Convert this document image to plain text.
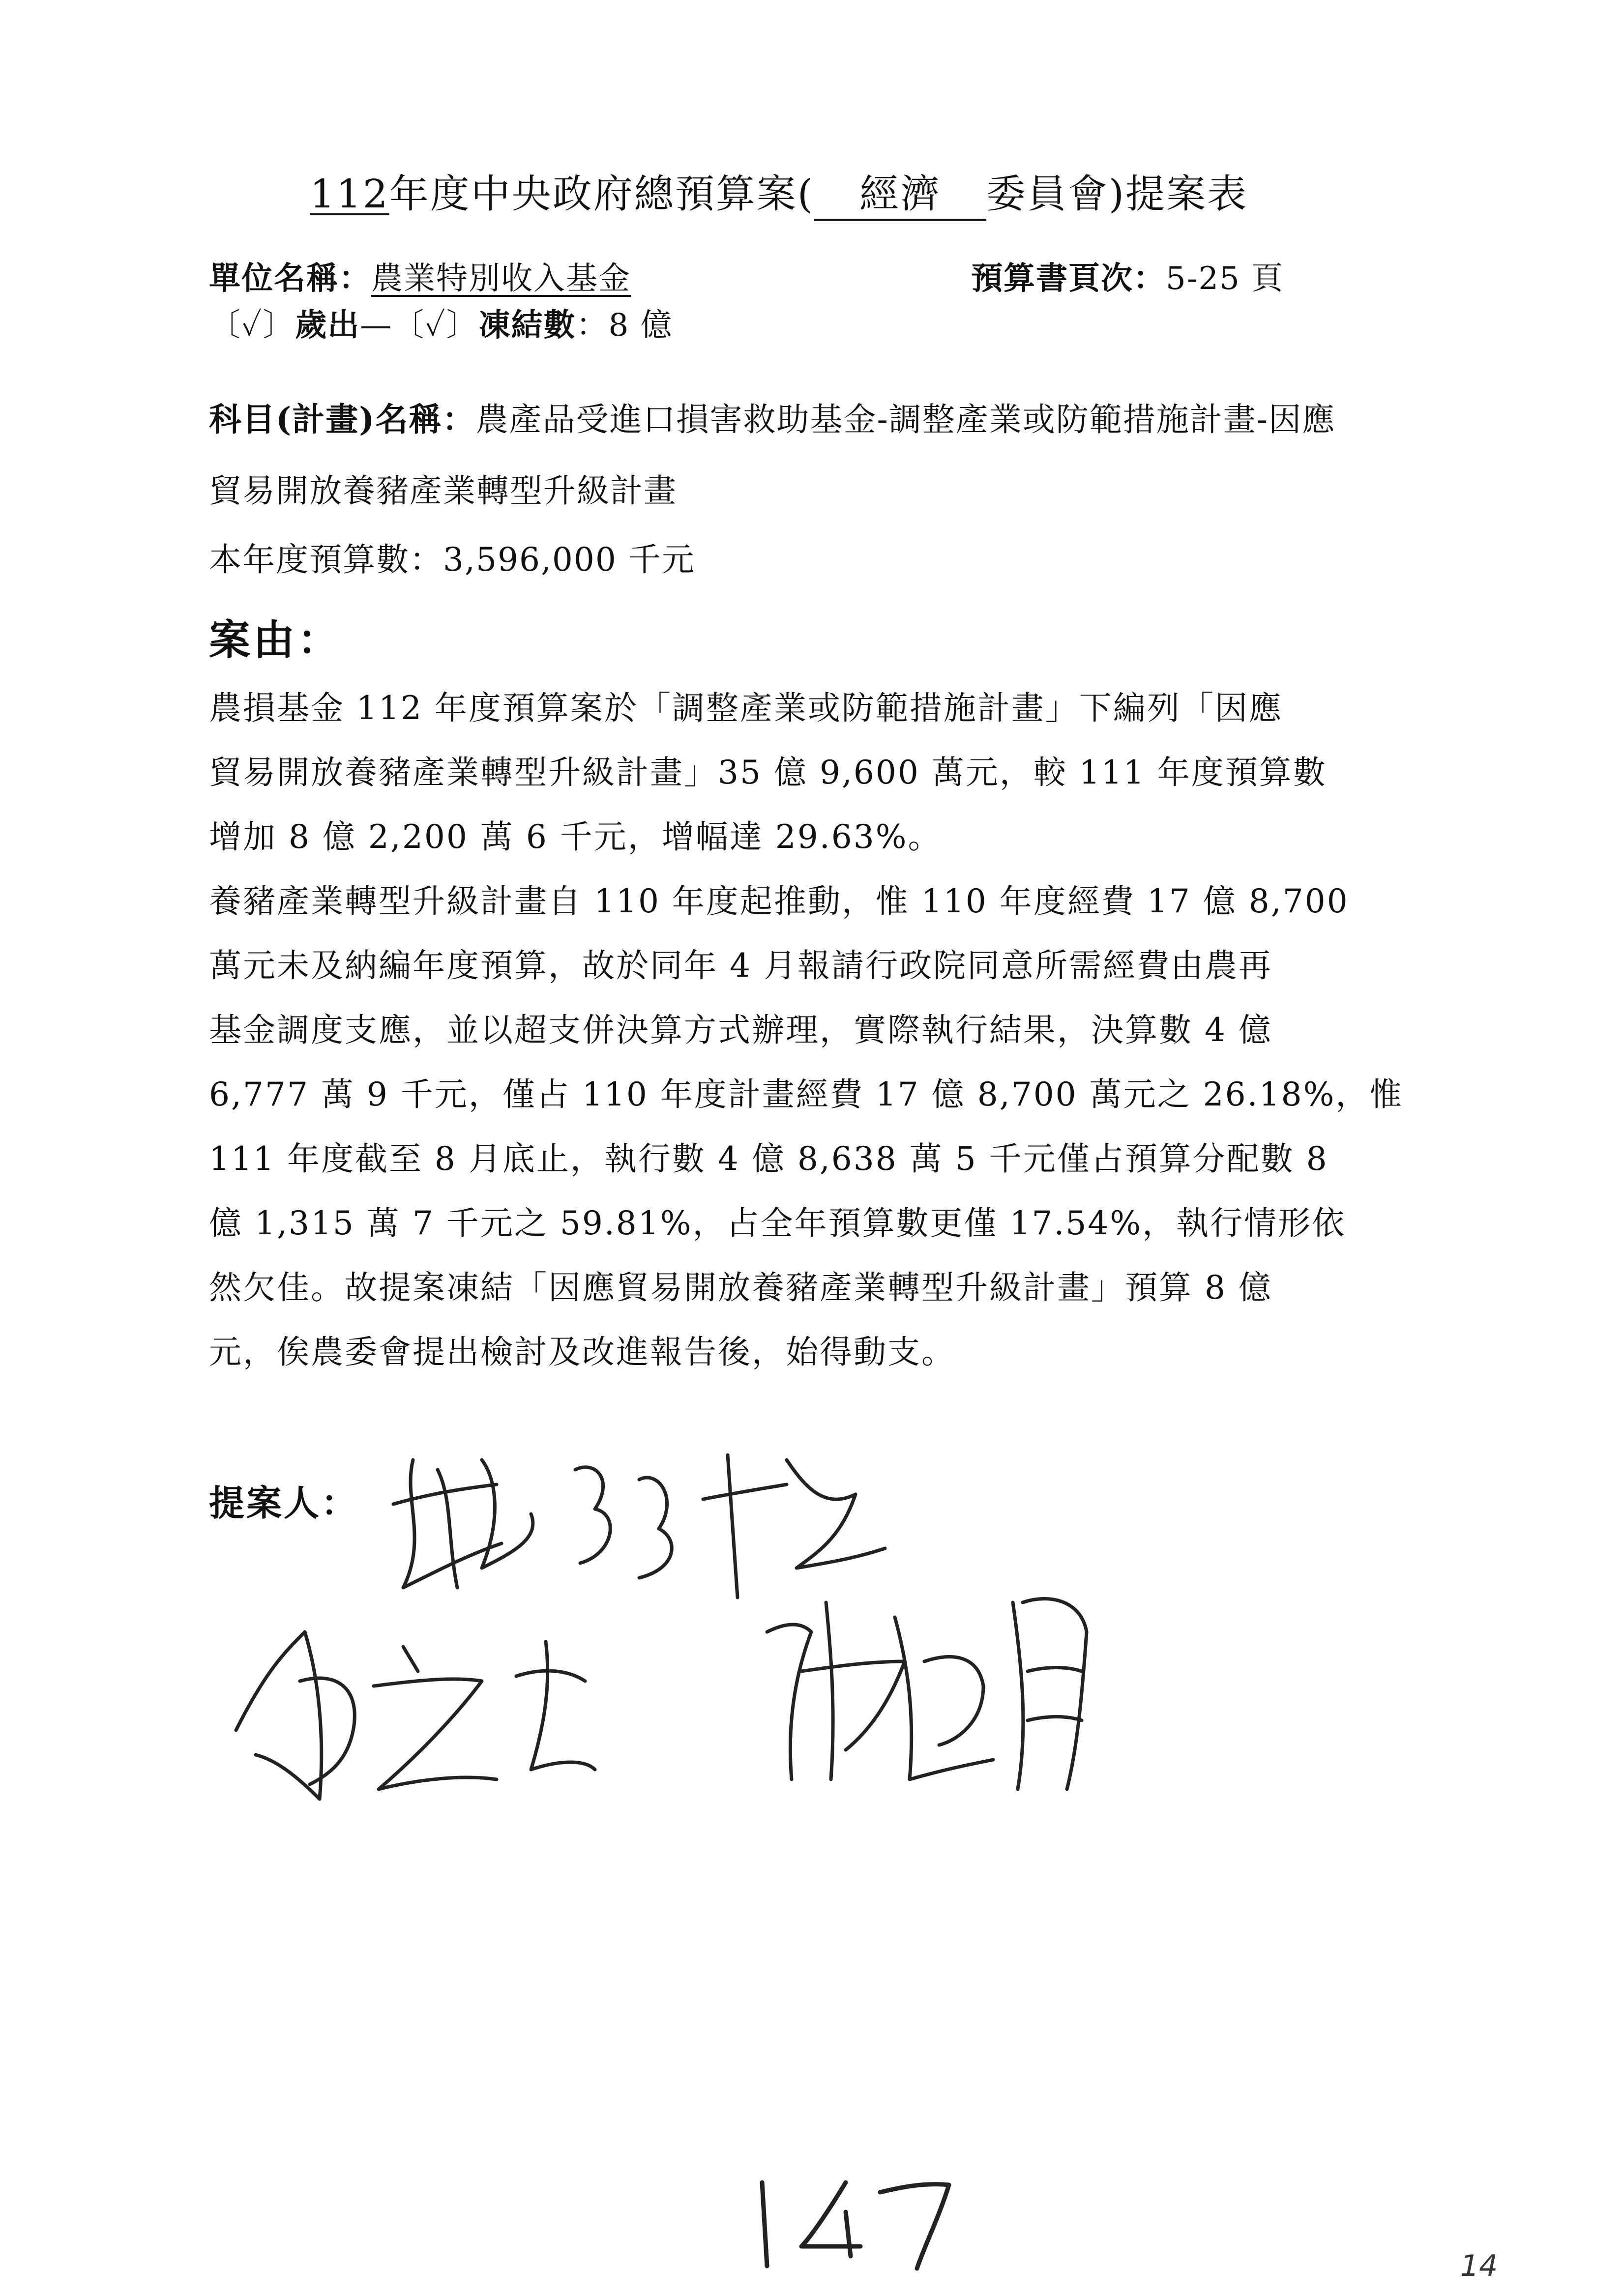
112年度中央政府總預算案( 經濟 委員會)提案表
單位名稱：農業特別收入基金	預算書頁次：5-25 頁
〔✓〕歲出—〔✓〕凍結數：8 億
科目(計畫)名稱：農產品受進口損害救助基金-調整產業或防範措施計畫-因應
貿易開放養豬產業轉型升級計畫
本年度預算數：3,596,000 千元
案由：
農損基金 112 年度預算案於「調整產業或防範措施計畫」下編列「因應
貿易開放養豬產業轉型升級計畫」35 億 9,600 萬元，較 111 年度預算數
增加 8 億 2,200 萬 6 千元，增幅達 29.63%。
養豬產業轉型升級計畫自 110 年度起推動，惟 110 年度經費 17 億 8,700
萬元未及納編年度預算，故於同年 4 月報請行政院同意所需經費由農再
基金調度支應，並以超支併決算方式辦理，實際執行結果，決算數 4 億
6,777 萬 9 千元，僅占 110 年度計畫經費 17 億 8,700 萬元之 26.18%，惟
111 年度截至 8 月底止，執行數 4 億 8,638 萬 5 千元僅占預算分配數 8
億 1,315 萬 7 千元之 59.81%，占全年預算數更僅 17.54%，執行情形依
然欠佳。故提案凍結「因應貿易開放養豬產業轉型升級計畫」預算 8 億
元，俟農委會提出檢討及改進報告後，始得動支。
提案人：
14
